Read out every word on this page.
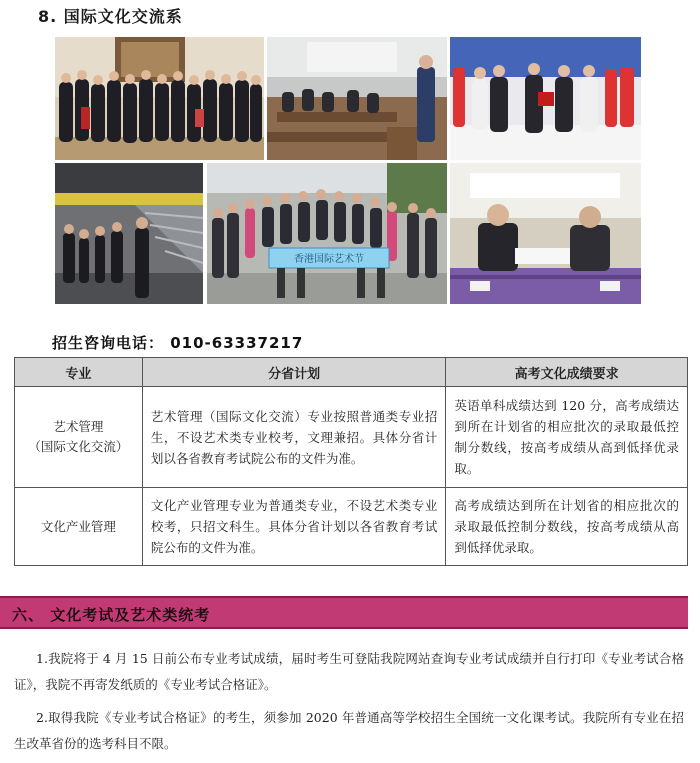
8. 国际文化交流系
香港国际艺术节
招生咨询电话： 010-63337217
专业	分省计划	高考文化成绩要求

艺术管理
（国际文化交流）	艺术管理（国际文化交流）专业按照普通类专业招生，不设艺术类专业校考，文理兼招。具体分省计划以各省教育考试院公布的文件为准。	英语单科成绩达到 120 分，高考成绩达到所在计划省的相应批次的录取最低控制分数线，按高考成绩从高到低择优录取。

文化产业管理	文化产业管理专业为普通类专业，不设艺术类专业校考，只招文科生。具体分省计划以各省教育考试院公布的文件为准。	高考成绩达到所在计划省的相应批次的录取最低控制分数线，按高考成绩从高到低择优录取。
六、 文化考试及艺术类统考
1.我院将于 4 月 15 日前公布专业考试成绩，届时考生可登陆我院网站查询专业考试成绩并自行打印《专业考试合格证》，我院不再寄发纸质的《专业考试合格证》。
2.取得我院《专业考试合格证》的考生，须参加 2020 年普通高等学校招生全国统一文化课考试。我院所有专业在招生改革省份的选考科目不限。
